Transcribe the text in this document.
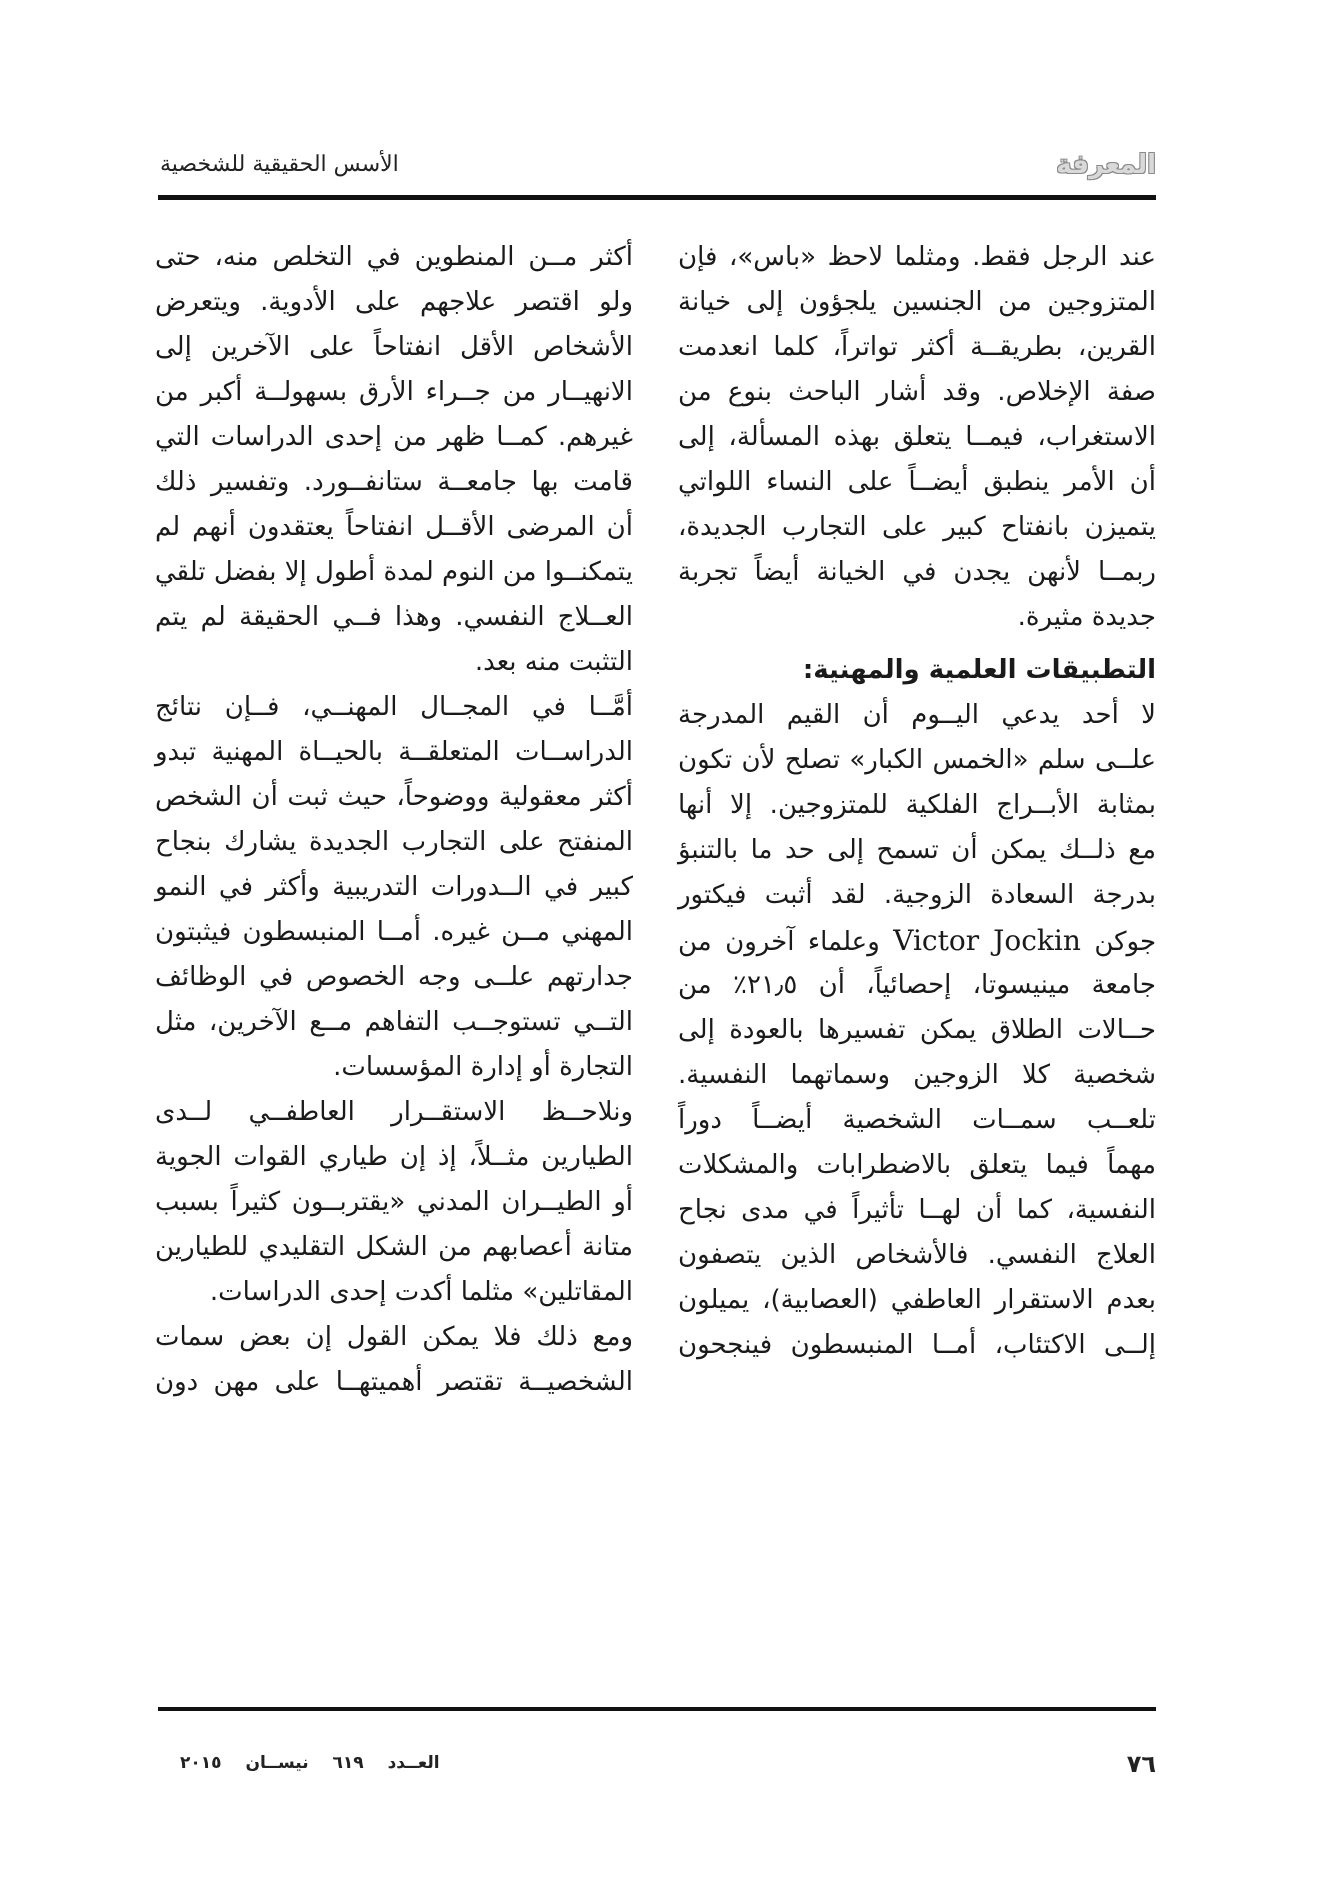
المعرفة
الأسس الحقيقية للشخصية
عند الرجل فقط. ومثلما لاحظ «باس»، فإن
المتزوجين من الجنسين يلجؤون إلى خيانة
القرين، بطريقــة أكثر تواتراً، كلما انعدمت
صفة الإخلاص. وقد أشار الباحث بنوع من
الاستغراب، فيمــا يتعلق بهذه المسألة، إلى
أن الأمر ينطبق أيضــاً على النساء اللواتي
يتميزن بانفتاح كبير على التجارب الجديدة،
ربمــا لأنهن يجدن في الخيانة أيضاً تجربة
جديدة مثيرة.
التطبيقات العلمية والمهنية:
لا أحد يدعي اليــوم أن القيم المدرجة
علــى سلم «الخمس الكبار» تصلح لأن تكون
بمثابة الأبــراج الفلكية للمتزوجين. إلا أنها
مع ذلــك يمكن أن تسمح إلى حد ما بالتنبؤ
بدرجة السعادة الزوجية. لقد أثبت فيكتور
جوكن Victor Jockin وعلماء آخرون من
جامعة مينيسوتا، إحصائياً، أن ٢١٫٥٪ من
حــالات الطلاق يمكن تفسيرها بالعودة إلى
شخصية كلا الزوجين وسماتهما النفسية.
تلعــب سمــات الشخصية أيضــاً دوراً
مهماً فيما يتعلق بالاضطرابات والمشكلات
النفسية، كما أن لهــا تأثيراً في مدى نجاح
العلاج النفسي. فالأشخاص الذين يتصفون
بعدم الاستقرار العاطفي (العصابية)، يميلون
إلــى الاكتئاب، أمــا المنبسطون فينجحون
أكثر مــن المنطوين في التخلص منه، حتى
ولو اقتصر علاجهم على الأدوية. ويتعرض
الأشخاص الأقل انفتاحاً على الآخرين إلى
الانهيــار من جــراء الأرق بسهولــة أكبر من
غيرهم. كمــا ظهر من إحدى الدراسات التي
قامت بها جامعــة ستانفــورد. وتفسير ذلك
أن المرضى الأقــل انفتاحاً يعتقدون أنهم لم
يتمكنــوا من النوم لمدة أطول إلا بفضل تلقي
العــلاج النفسي. وهذا فــي الحقيقة لم يتم
التثبت منه بعد.
أمَّــا في المجــال المهنــي، فــإن نتائج
الدراســات المتعلقــة بالحيــاة المهنية تبدو
أكثر معقولية ووضوحاً، حيث ثبت أن الشخص
المنفتح على التجارب الجديدة يشارك بنجاح
كبير في الــدورات التدريبية وأكثر في النمو
المهني مــن غيره. أمــا المنبسطون فيثبتون
جدارتهم علــى وجه الخصوص في الوظائف
التــي تستوجــب التفاهم مــع الآخرين، مثل
التجارة أو إدارة المؤسسات.
ونلاحــظ الاستقــرار العاطفــي لــدى
الطيارين مثــلاً، إذ إن طياري القوات الجوية
أو الطيــران المدني «يقتربــون كثيراً بسبب
متانة أعصابهم من الشكل التقليدي للطيارين
المقاتلين» مثلما أكدت إحدى الدراسات.
ومع ذلك فلا يمكن القول إن بعض سمات
الشخصيــة تقتصر أهميتهــا على مهن دون
العــدد ٦١٩ نيســان ٢٠١٥	٧٦
